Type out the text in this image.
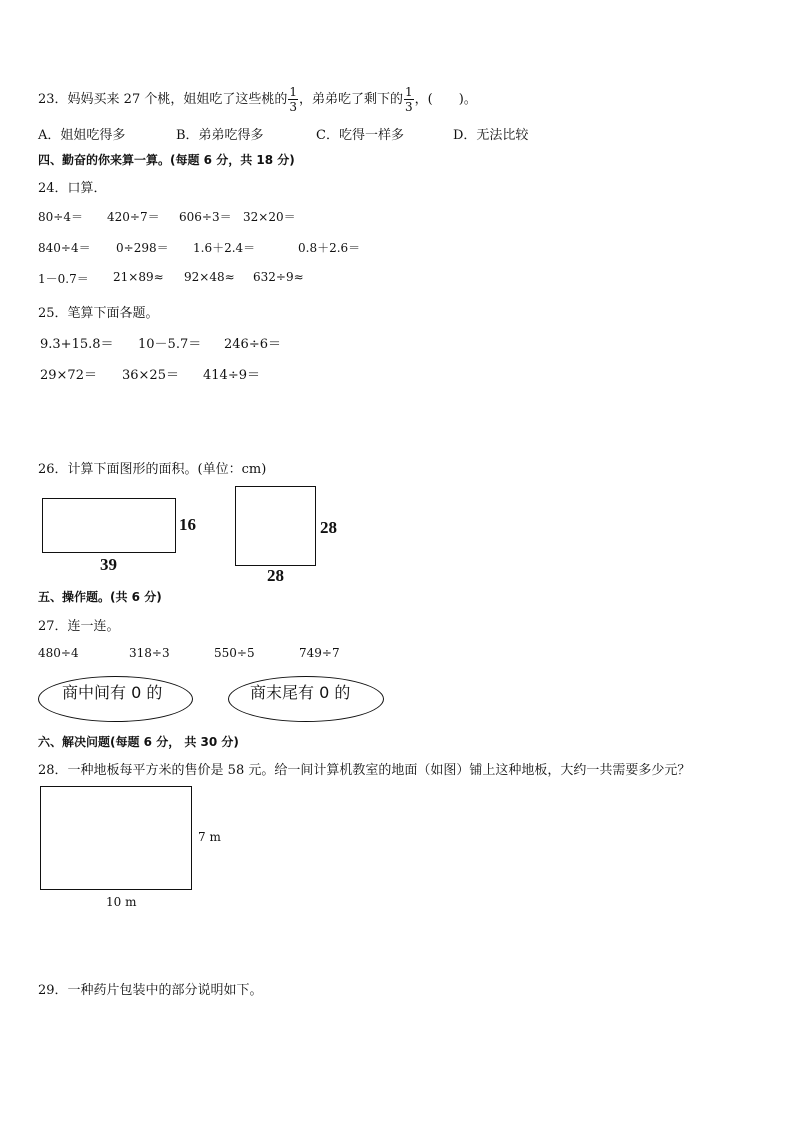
23．妈妈买来 27 个桃，姐姐吃了这些桃的 $\frac{1}{3}$ ，弟弟吃了剩下的 $\frac{1}{3}$ ，(　　)。
A．姐姐吃得多	B．弟弟吃得多	C．吃得一样多	D．无法比较
四、勤奋的你来算一算。(每题 6 分，共 18 分)
24．口算．
80÷4＝ 420÷7＝ 606÷3＝ 32×20＝
840÷4＝ 0÷298＝ 1.6＋2.4＝	0.8＋2.6＝
1－0.7＝ 21×89≈ 92×48≈ 632÷9≈
25．笔算下面各题。
9.3+15.8＝ 10－5.7＝ 246÷6＝
29×72＝ 36×25＝ 414÷9＝
26．计算下面图形的面积。(单位：cm)
16
39
28
28
五、操作题。(共 6 分)
27．连一连。
480÷4	318÷3	550÷5	749÷7
商中间有 0 的	商末尾有 0 的
六、解决问题(每题 6 分， 共 30 分)
28．一种地板每平方米的售价是 58 元。给一间计算机教室的地面（如图）铺上这种地板，大约一共需要多少元？
7 m
10 m
29．一种药片包装中的部分说明如下。
